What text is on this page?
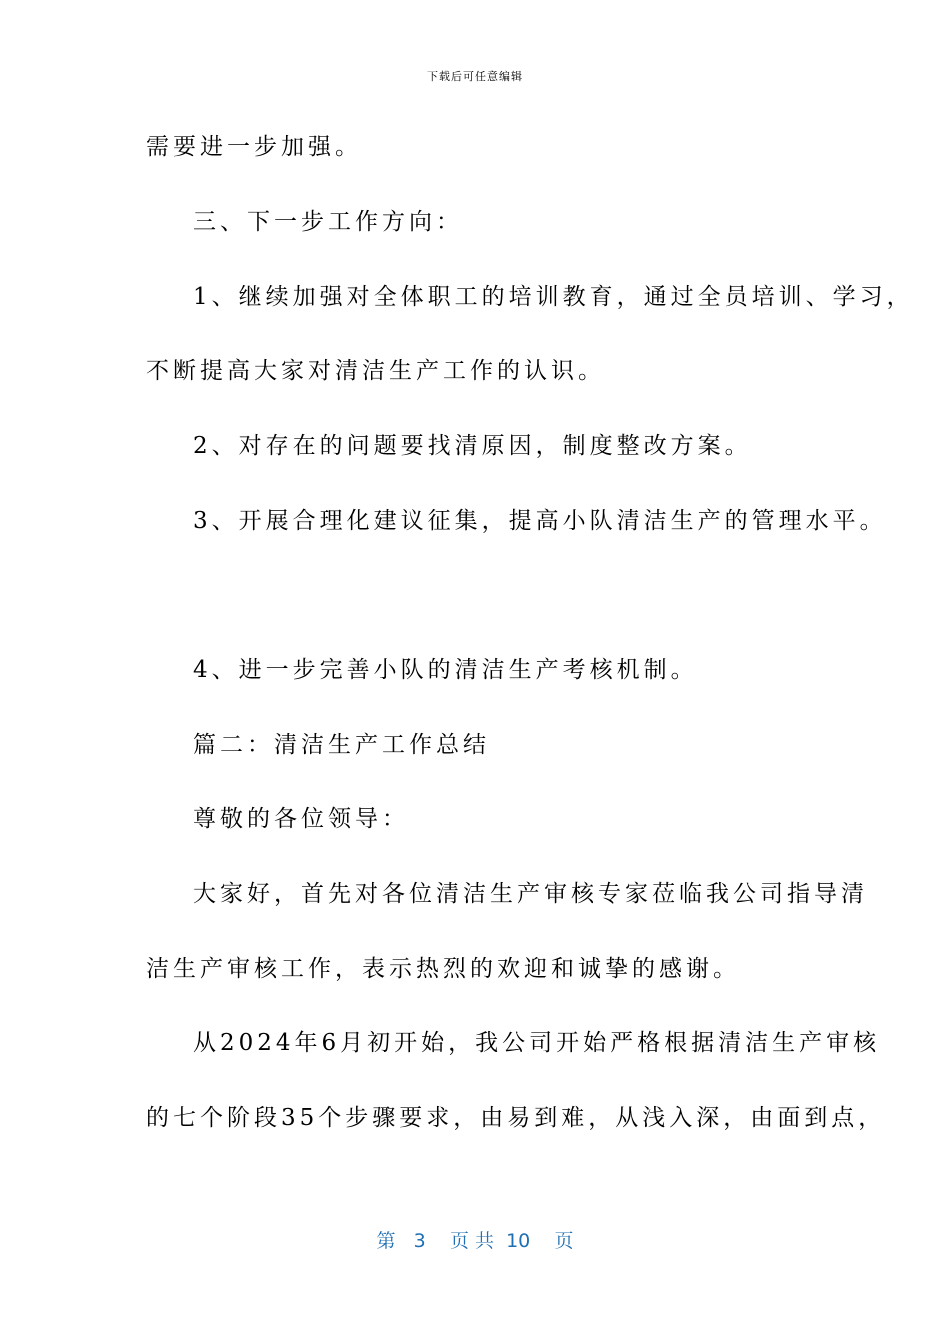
下载后可任意编辑
需要进一步加强。
三、下一步工作方向：
1、继续加强对全体职工的培训教育，通过全员培训、学习，
不断提高大家对清洁生产工作的认识。
2、对存在的问题要找清原因，制度整改方案。
3、开展合理化建议征集，提高小队清洁生产的管理水平。
4、进一步完善小队的清洁生产考核机制。
篇二：清洁生产工作总结
尊敬的各位领导：
大家好，首先对各位清洁生产审核专家莅临我公司指导清
洁生产审核工作，表示热烈的欢迎和诚挚的感谢。
从2024年6月初开始，我公司开始严格根据清洁生产审核
的七个阶段35个步骤要求，由易到难，从浅入深，由面到点，
第 3 页 共 10 页
